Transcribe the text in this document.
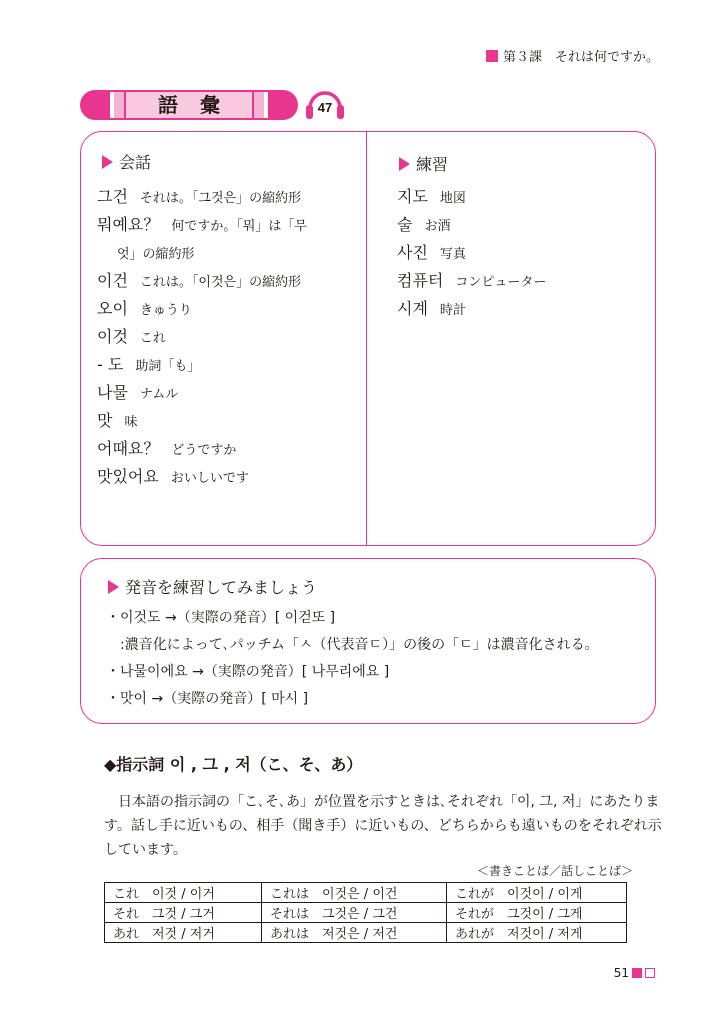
第３課　それは何ですか。
語彙	47
会話
그건 それは。「그것은」の縮約形
뭐예요？ 何ですか。「뭐」は「무
엇」の縮約形
이건 これは。「이것은」の縮約形
오이 きゅうり
이것 これ
- 도 助詞「も」
나물 ナムル
맛 味
어때요？ どうですか
맛있어요 おいしいです
練習
지도 地図
술 お酒
사진 写真
컴퓨터 コンピューター
시계 時計
発音を練習してみましょう
・이것도 →（実際の発音）[ 이걷또 ]
　:濃音化によって､パッチム「ㅅ（代表音ㄷ）」の後の「ㄷ」は濃音化される。
・나물이에요 →（実際の発音）[ 나무리에요 ]
・맛이 →（実際の発音）[ 마시 ]
◆指示詞 이 , 그 , 저（こ、そ、あ）
日本語の指示詞の「こ､そ､あ」が位置を示すときは､それぞれ「이, 그, 저」にあたります。話し手に近いもの、相手（聞き手）に近いもの、どちらからも遠いものをそれぞれ示しています。
＜書きことば／話しことば＞
これ　이것 / 이거	これは　이것은 / 이건	これが　이것이 / 이게
それ　그것 / 그거	それは　그것은 / 그건	それが　그것이 / 그게
あれ　저것 / 저거	あれは　저것은 / 저건	あれが　저것이 / 저게
51
